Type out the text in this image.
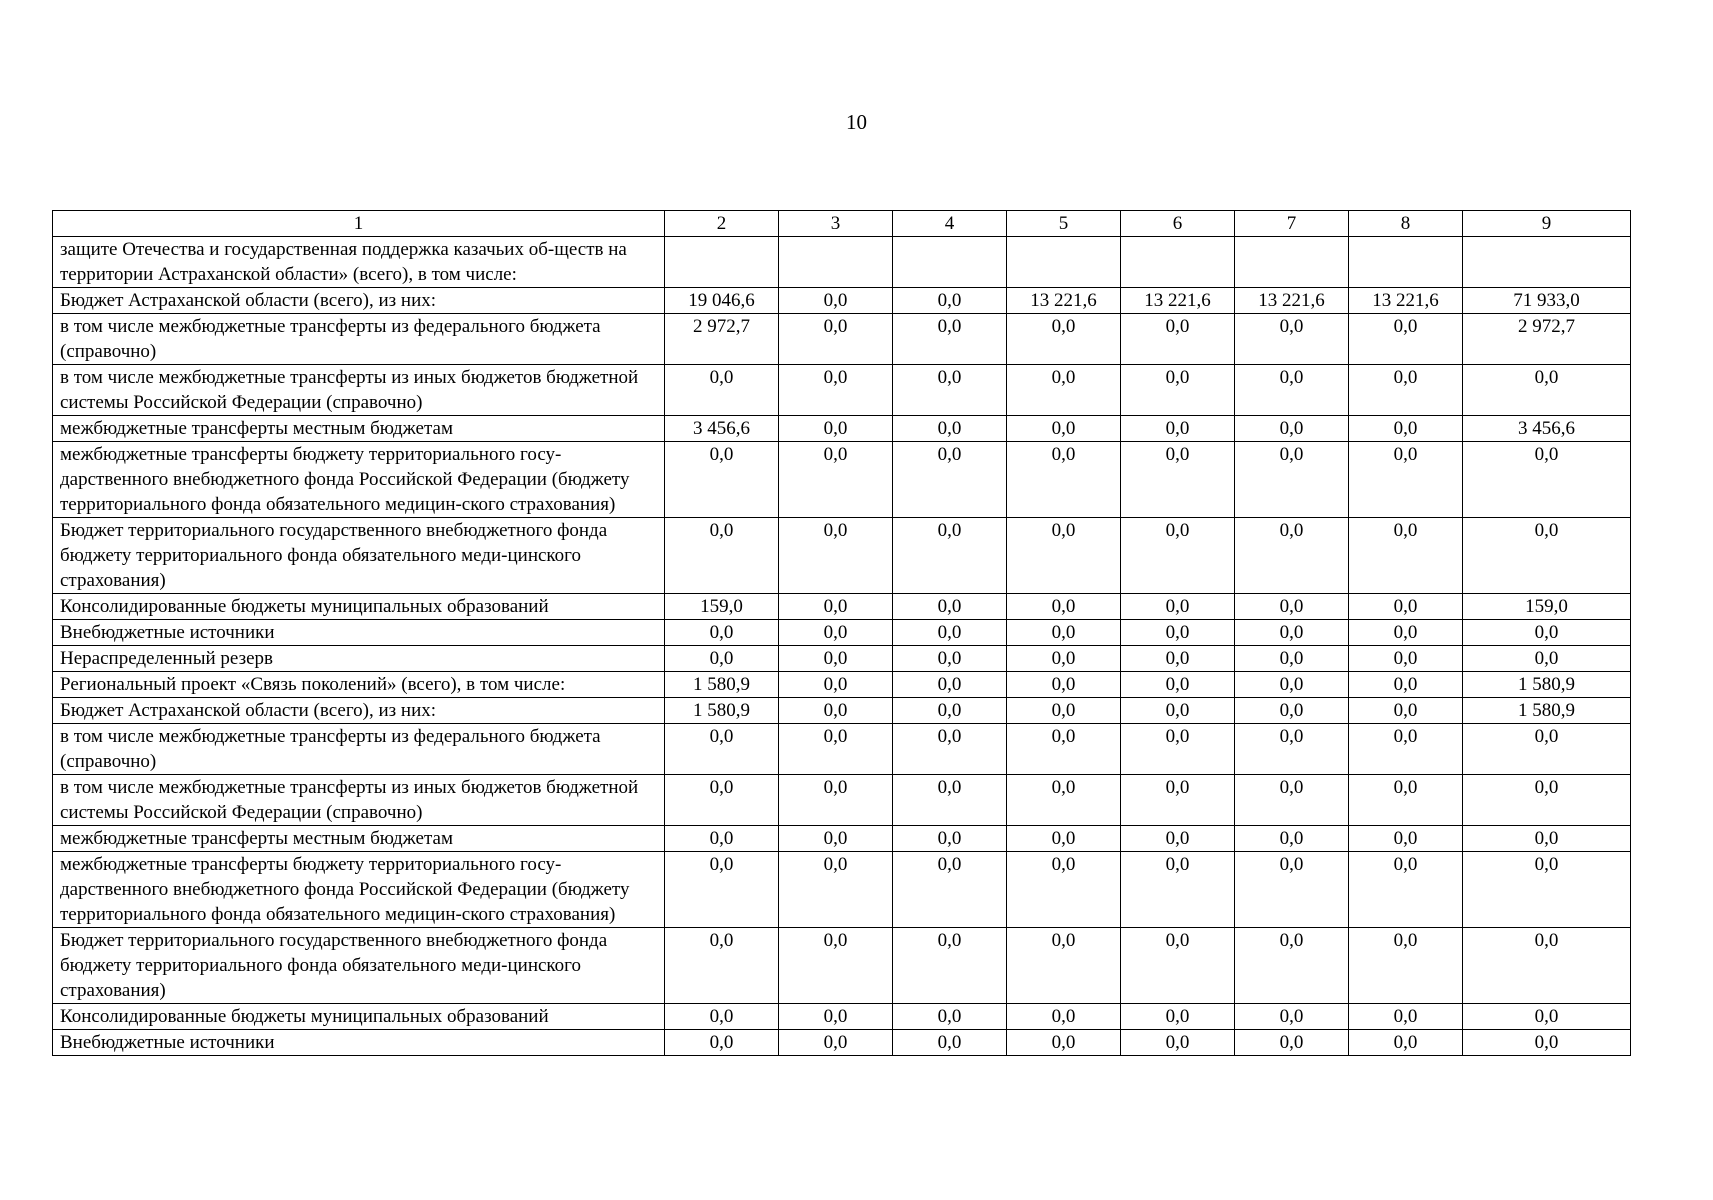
10
1	2	3	4	5	6	7	8	9
защите Отечества и государственная поддержка казачьих об-ществ на территории Астраханской области» (всего), в том числе:								
Бюджет Астраханской области (всего), из них:	19 046,6	0,0	0,0	13 221,6	13 221,6	13 221,6	13 221,6	71 933,0
в том числе межбюджетные трансферты из федерального бюджета (справочно)	2 972,7	0,0	0,0	0,0	0,0	0,0	0,0	2 972,7
в том числе межбюджетные трансферты из иных бюджетов бюджетной системы Российской Федерации (справочно)	0,0	0,0	0,0	0,0	0,0	0,0	0,0	0,0
межбюджетные трансферты местным бюджетам	3 456,6	0,0	0,0	0,0	0,0	0,0	0,0	3 456,6
межбюджетные трансферты бюджету территориального госу-дарственного внебюджетного фонда Российской Федерации (бюджету территориального фонда обязательного медицин-ского страхования)	0,0	0,0	0,0	0,0	0,0	0,0	0,0	0,0
Бюджет территориального государственного внебюджетного фонда бюджету территориального фонда обязательного меди-цинского страхования)	0,0	0,0	0,0	0,0	0,0	0,0	0,0	0,0
Консолидированные бюджеты муниципальных образований	159,0	0,0	0,0	0,0	0,0	0,0	0,0	159,0
Внебюджетные источники	0,0	0,0	0,0	0,0	0,0	0,0	0,0	0,0
Нераспределенный резерв	0,0	0,0	0,0	0,0	0,0	0,0	0,0	0,0
Региональный проект «Связь поколений» (всего), в том числе:	1 580,9	0,0	0,0	0,0	0,0	0,0	0,0	1 580,9
Бюджет Астраханской области (всего), из них:	1 580,9	0,0	0,0	0,0	0,0	0,0	0,0	1 580,9
в том числе межбюджетные трансферты из федерального бюджета (справочно)	0,0	0,0	0,0	0,0	0,0	0,0	0,0	0,0
в том числе межбюджетные трансферты из иных бюджетов бюджетной системы Российской Федерации (справочно)	0,0	0,0	0,0	0,0	0,0	0,0	0,0	0,0
межбюджетные трансферты местным бюджетам	0,0	0,0	0,0	0,0	0,0	0,0	0,0	0,0
межбюджетные трансферты бюджету территориального госу-дарственного внебюджетного фонда Российской Федерации (бюджету территориального фонда обязательного медицин-ского страхования)	0,0	0,0	0,0	0,0	0,0	0,0	0,0	0,0
Бюджет территориального государственного внебюджетного фонда бюджету территориального фонда обязательного меди-цинского страхования)	0,0	0,0	0,0	0,0	0,0	0,0	0,0	0,0
Консолидированные бюджеты муниципальных образований	0,0	0,0	0,0	0,0	0,0	0,0	0,0	0,0
Внебюджетные источники	0,0	0,0	0,0	0,0	0,0	0,0	0,0	0,0
